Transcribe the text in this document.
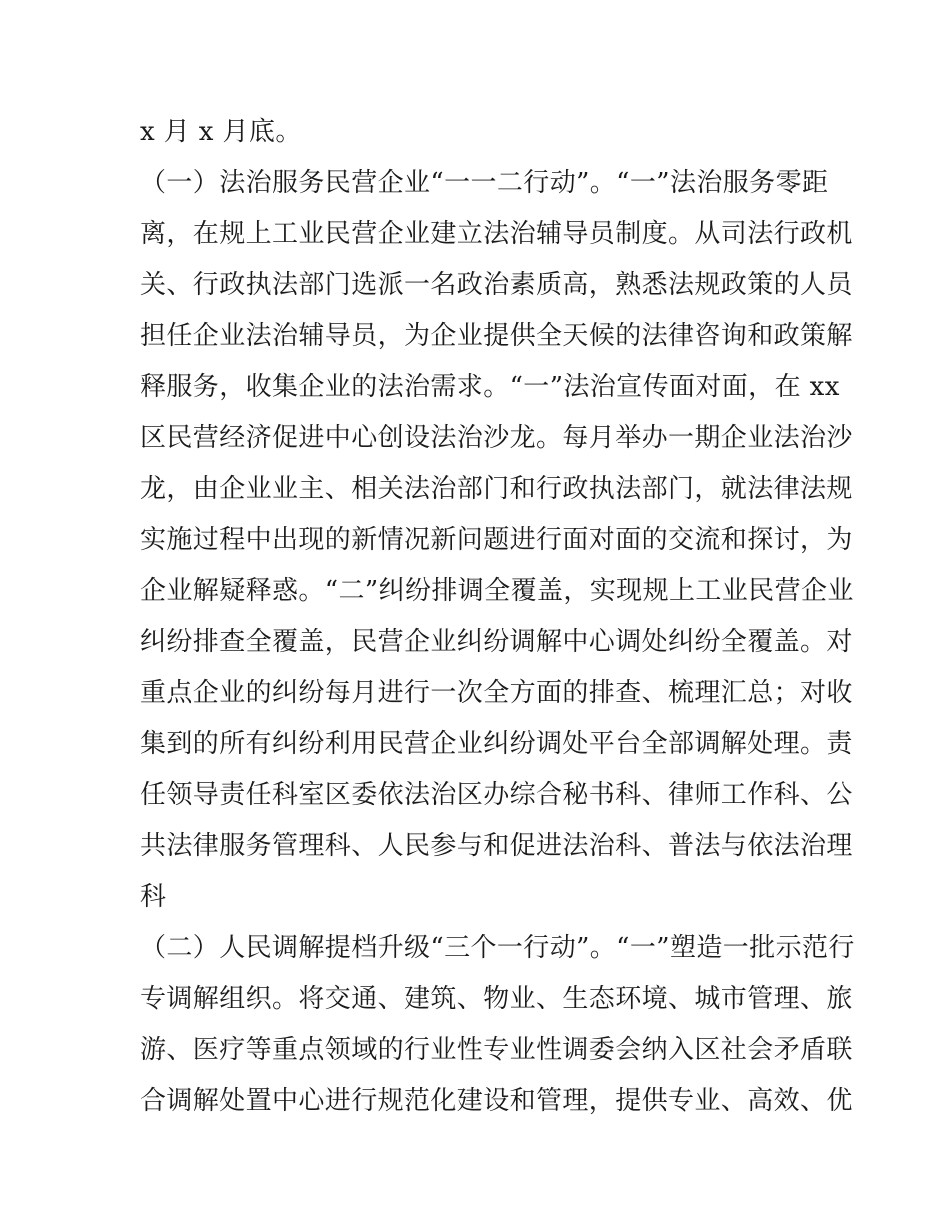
x 月 x 月底。
（一）法治服务民营企业“一一二行动”。“一”法治服务零距
离，在规上工业民营企业建立法治辅导员制度。从司法行政机
关、行政执法部门选派一名政治素质高，熟悉法规政策的人员
担任企业法治辅导员，为企业提供全天候的法律咨询和政策解
释服务，收集企业的法治需求。“一”法治宣传面对面，在 xx
区民营经济促进中心创设法治沙龙。每月举办一期企业法治沙
龙，由企业业主、相关法治部门和行政执法部门，就法律法规
实施过程中出现的新情况新问题进行面对面的交流和探讨，为
企业解疑释惑。“二”纠纷排调全覆盖，实现规上工业民营企业
纠纷排查全覆盖，民营企业纠纷调解中心调处纠纷全覆盖。对
重点企业的纠纷每月进行一次全方面的排查、梳理汇总；对收
集到的所有纠纷利用民营企业纠纷调处平台全部调解处理。责
任领导责任科室区委依法治区办综合秘书科、律师工作科、公
共法律服务管理科、人民参与和促进法治科、普法与依法治理
科
（二）人民调解提档升级“三个一行动”。“一”塑造一批示范行
专调解组织。将交通、建筑、物业、生态环境、城市管理、旅
游、医疗等重点领域的行业性专业性调委会纳入区社会矛盾联
合调解处置中心进行规范化建设和管理，提供专业、高效、优
